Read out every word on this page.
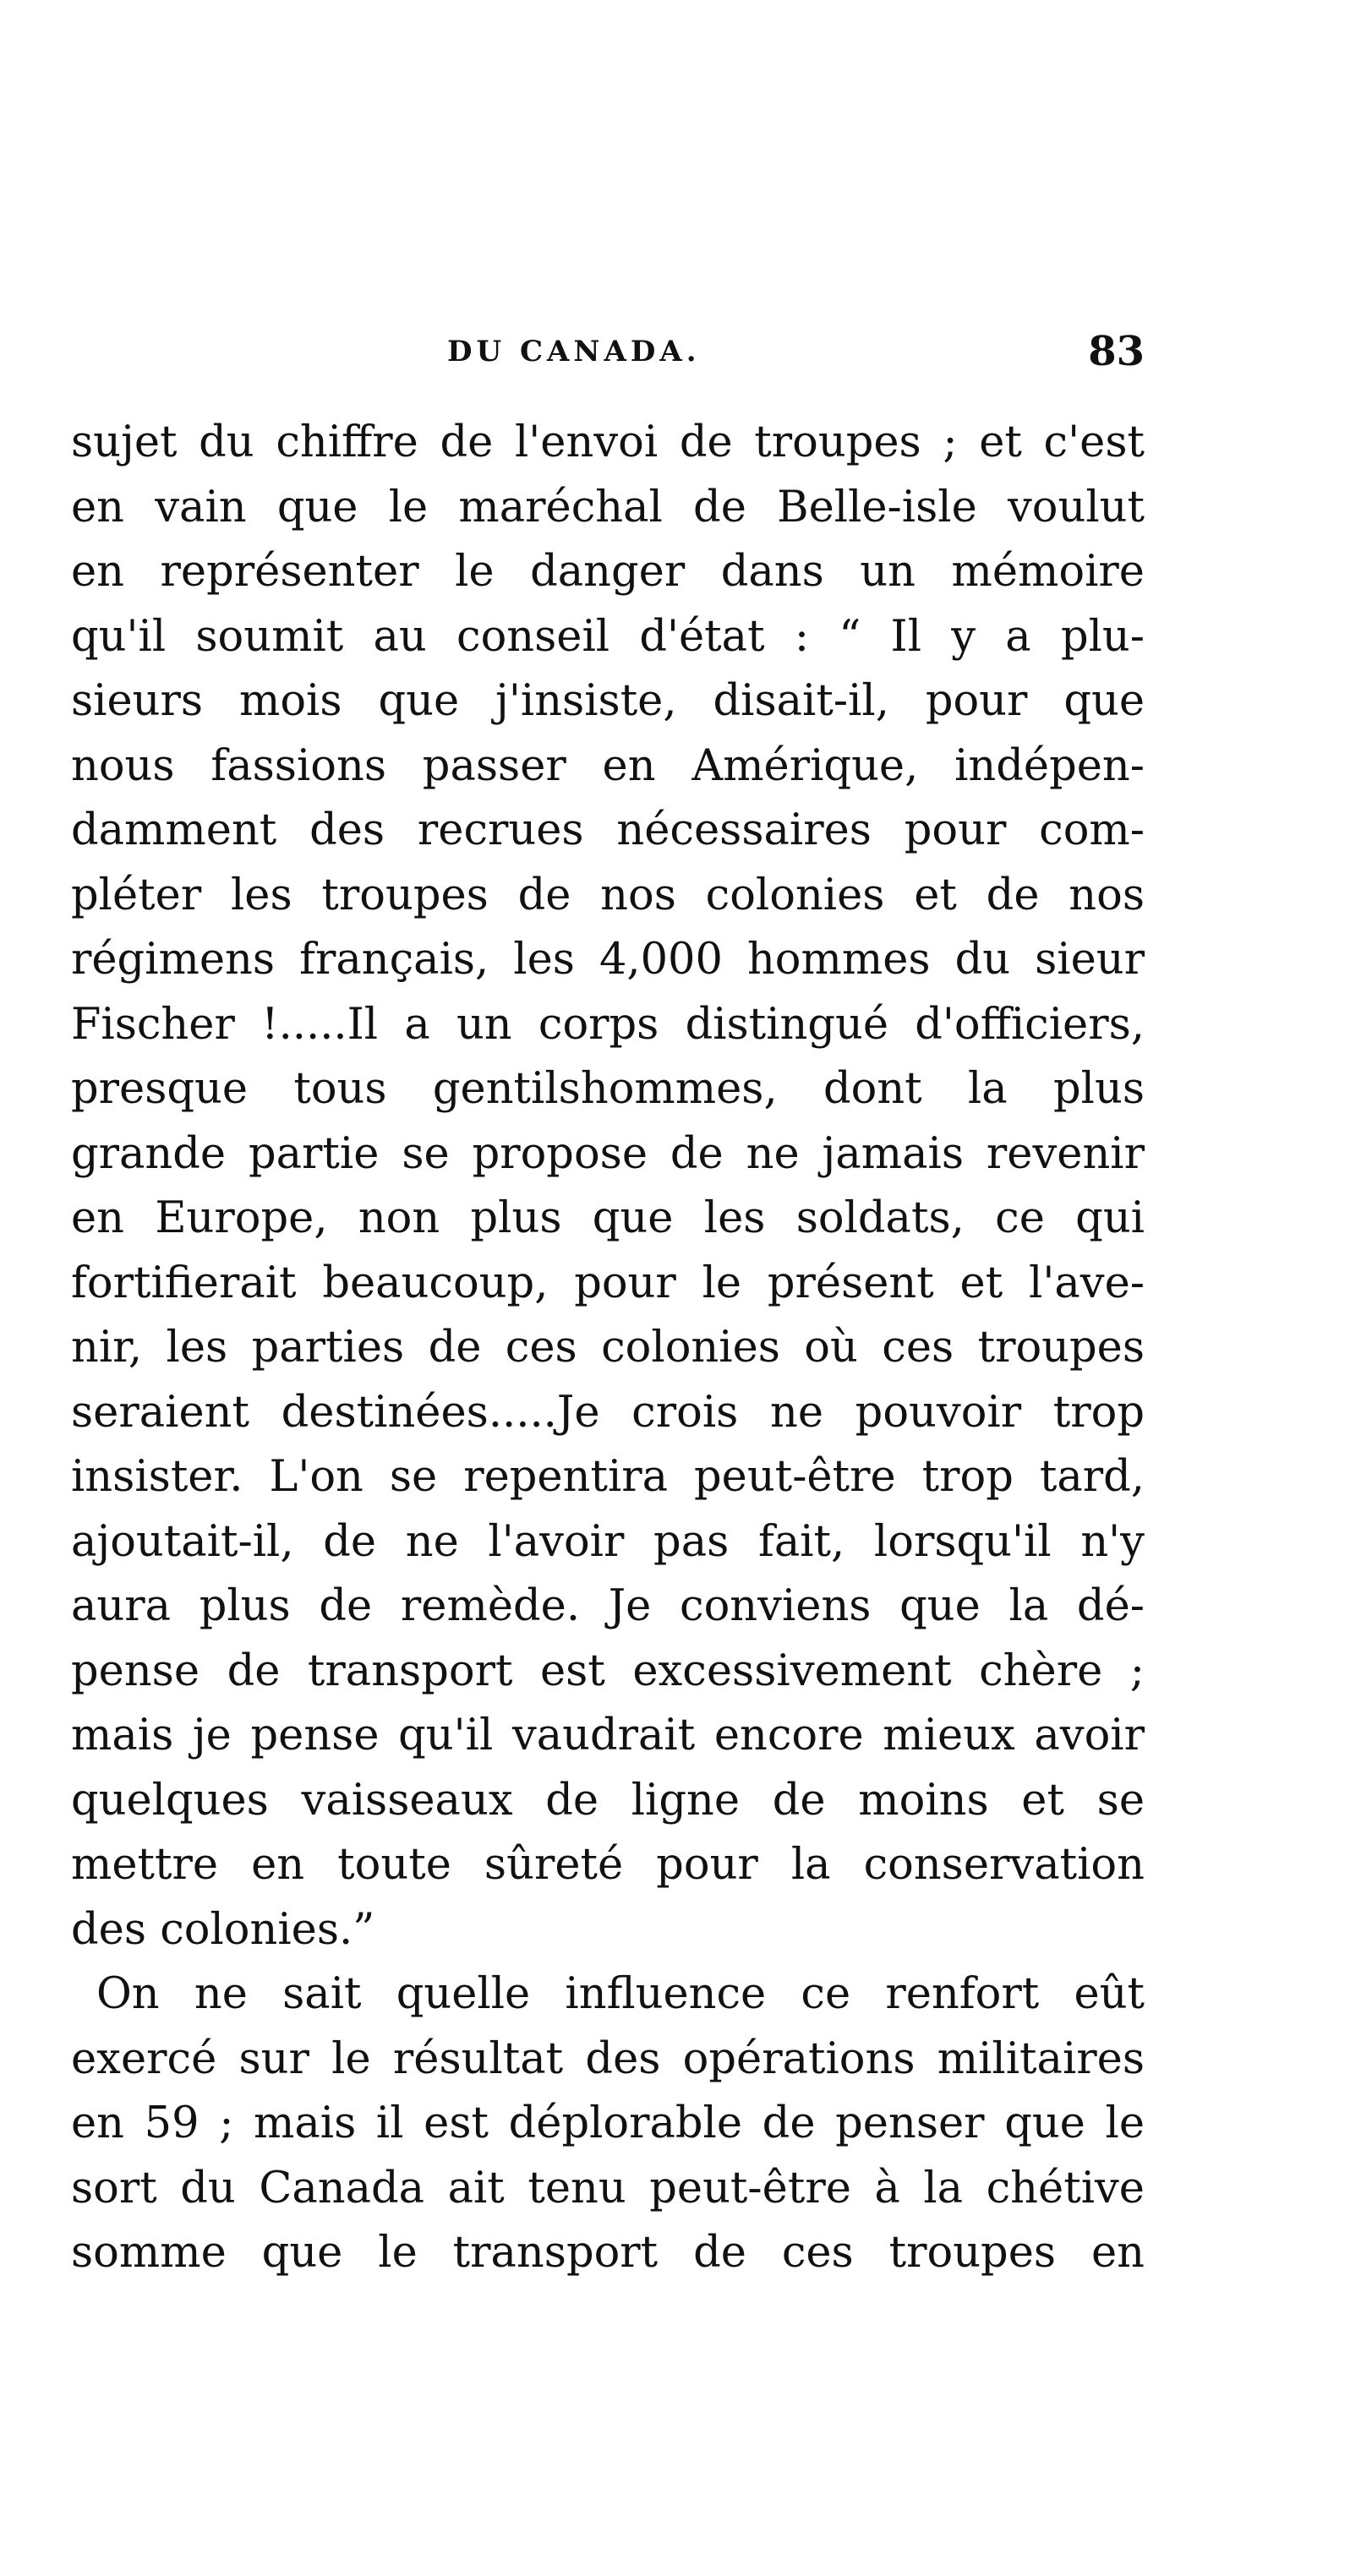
DU CANADA.	83
sujet du chiffre de l'envoi de troupes ; et c'est
en vain que le maréchal de Belle-isle voulut
en représenter le danger dans un mémoire
qu'il soumit au conseil d'état : “ Il y a plu-
sieurs mois que j'insiste, disait-il, pour que
nous fassions passer en Amérique, indépen-
damment des recrues nécessaires pour com-
pléter les troupes de nos colonies et de nos
régimens français, les 4,000 hommes du sieur
Fischer !.....Il a un corps distingué d'officiers,
presque tous gentilshommes, dont la plus
grande partie se propose de ne jamais revenir
en Europe, non plus que les soldats, ce qui
fortifierait beaucoup, pour le présent et l'ave-
nir, les parties de ces colonies où ces troupes
seraient destinées.....Je crois ne pouvoir trop
insister. L'on se repentira peut-être trop tard,
ajoutait-il, de ne l'avoir pas fait, lorsqu'il n'y
aura plus de remède. Je conviens que la dé-
pense de transport est excessivement chère ;
mais je pense qu'il vaudrait encore mieux avoir
quelques vaisseaux de ligne de moins et se
mettre en toute sûreté pour la conservation
des colonies.”
On ne sait quelle influence ce renfort eût
exercé sur le résultat des opérations militaires
en 59 ; mais il est déplorable de penser que le
sort du Canada ait tenu peut-être à la chétive
somme que le transport de ces troupes en
